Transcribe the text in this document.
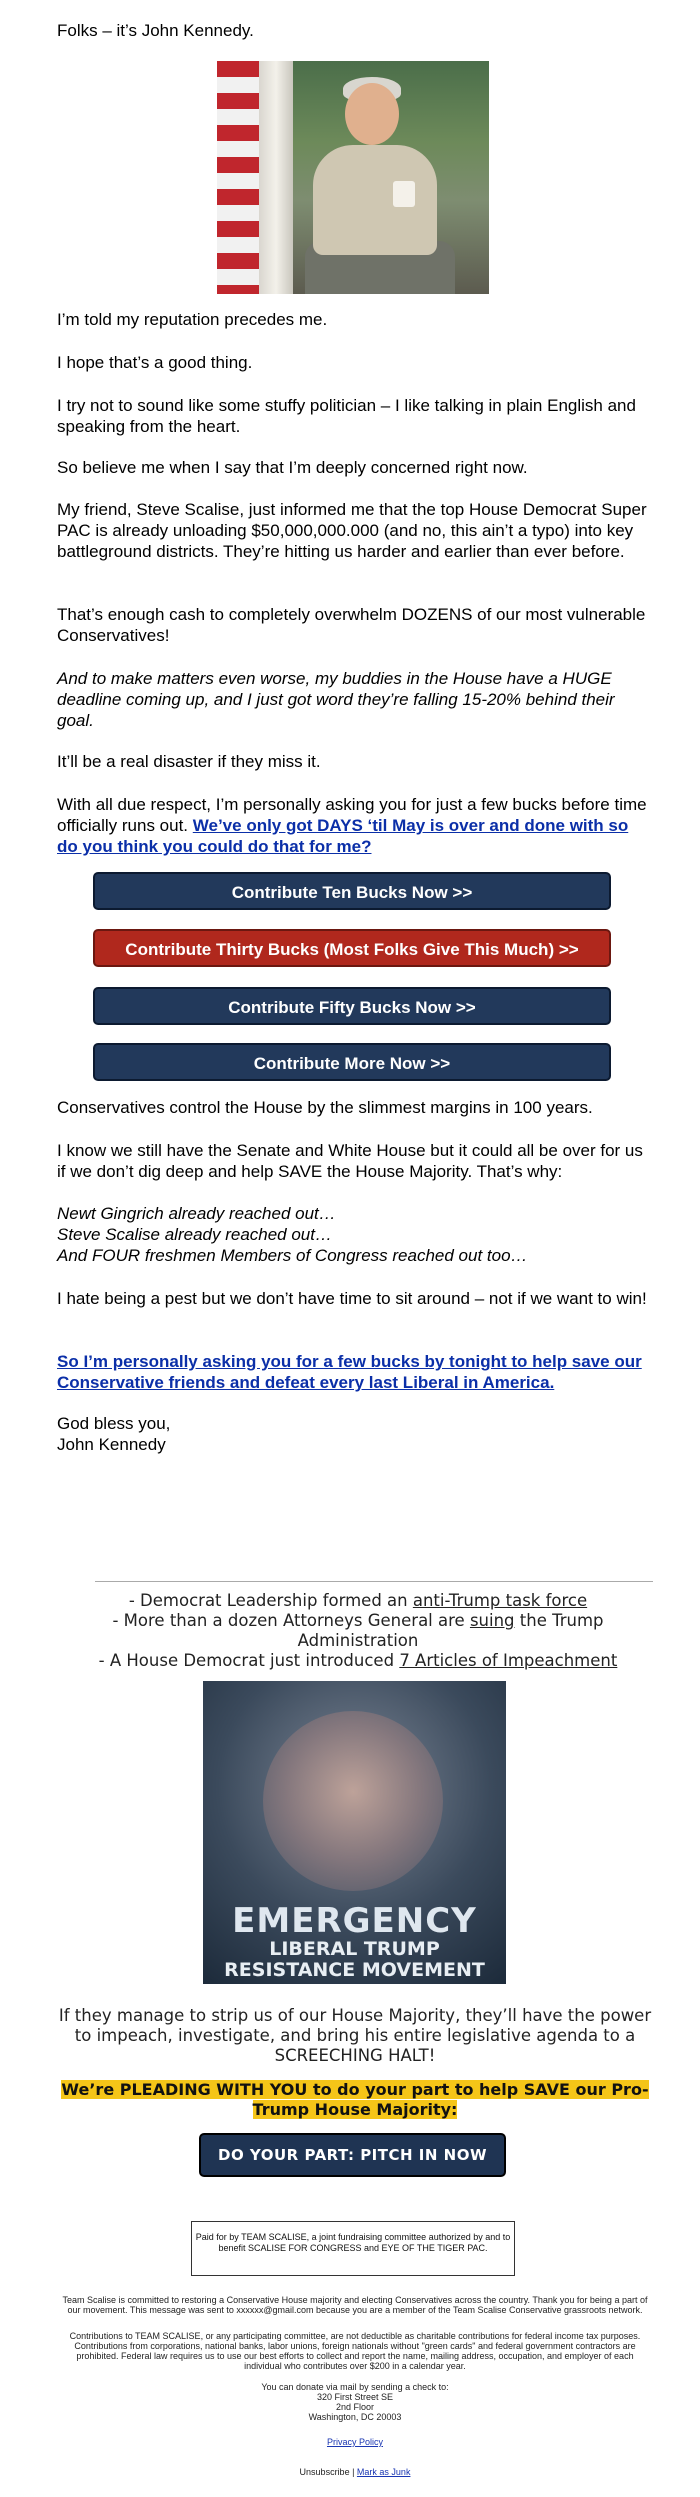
Folks – it’s John Kennedy.
I’m told my reputation precedes me.
I hope that’s a good thing.
I try not to sound like some stuffy politician – I like talking in plain English and speaking from the heart.
So believe me when I say that I’m deeply concerned right now.
My friend, Steve Scalise, just informed me that the top House Democrat Super PAC is already unloading $50,000,000.000 (and no, this ain’t a typo) into key battleground districts. They’re hitting us harder and earlier than ever before.
That’s enough cash to completely overwhelm DOZENS of our most vulnerable Conservatives!
And to make matters even worse, my buddies in the House have a HUGE deadline coming up, and I just got word they’re falling 15-20% behind their goal.
It’ll be a real disaster if they miss it.
With all due respect, I’m personally asking you for just a few bucks before time officially runs out. We’ve only got DAYS ‘til May is over and done with so do you think you could do that for me?
Contribute Ten Bucks Now >>
Contribute Thirty Bucks (Most Folks Give This Much) >>
Contribute Fifty Bucks Now >>
Contribute More Now >>
Conservatives control the House by the slimmest margins in 100 years.
I know we still have the Senate and White House but it could all be over for us if we don’t dig deep and help SAVE the House Majority. That’s why:

Newt Gingrich already reached out…

Steve Scalise already reached out…

And FOUR freshmen Members of Congress reached out too…

I hate being a pest but we don’t have time to sit around – not if we want to win!
So I’m personally asking you for a few bucks by tonight to help save our Conservative friends and defeat every last Liberal in America.

God bless you,

John Kennedy

- Democrat Leadership formed an anti-Trump task force

- More than a dozen Attorneys General are suing the Trump Administration

- A House Democrat just introduced 7 Articles of Impeachment

EMERGENCY
LIBERAL TRUMP
RESISTANCE MOVEMENT
If they manage to strip us of our House Majority, they’ll have the power to impeach, investigate, and bring his entire legislative agenda to a SCREECHING HALT!
We’re PLEADING WITH YOU to do your part to help SAVE our Pro-Trump House Majority:
DO YOUR PART: PITCH IN NOW
Paid for by TEAM SCALISE, a joint fundraising committee authorized by and to benefit SCALISE FOR CONGRESS and EYE OF THE TIGER PAC.
Team Scalise is committed to restoring a Conservative House majority and electing Conservatives across the country. Thank you for being a part of our movement. This message was sent to xxxxxx@gmail.com because you are a member of the Team Scalise Conservative grassroots network.
Contributions to TEAM SCALISE, or any participating committee, are not deductible as charitable contributions for federal income tax purposes. Contributions from corporations, national banks, labor unions, foreign nationals without "green cards" and federal government contractors are prohibited. Federal law requires us to use our best efforts to collect and report the name, mailing address, occupation, and employer of each individual who contributes over $200 in a calendar year.

You can donate via mail by sending a check to:

320 First Street SE

2nd Floor

Washington, DC 20003

Privacy Policy
Unsubscribe | Mark as Junk
